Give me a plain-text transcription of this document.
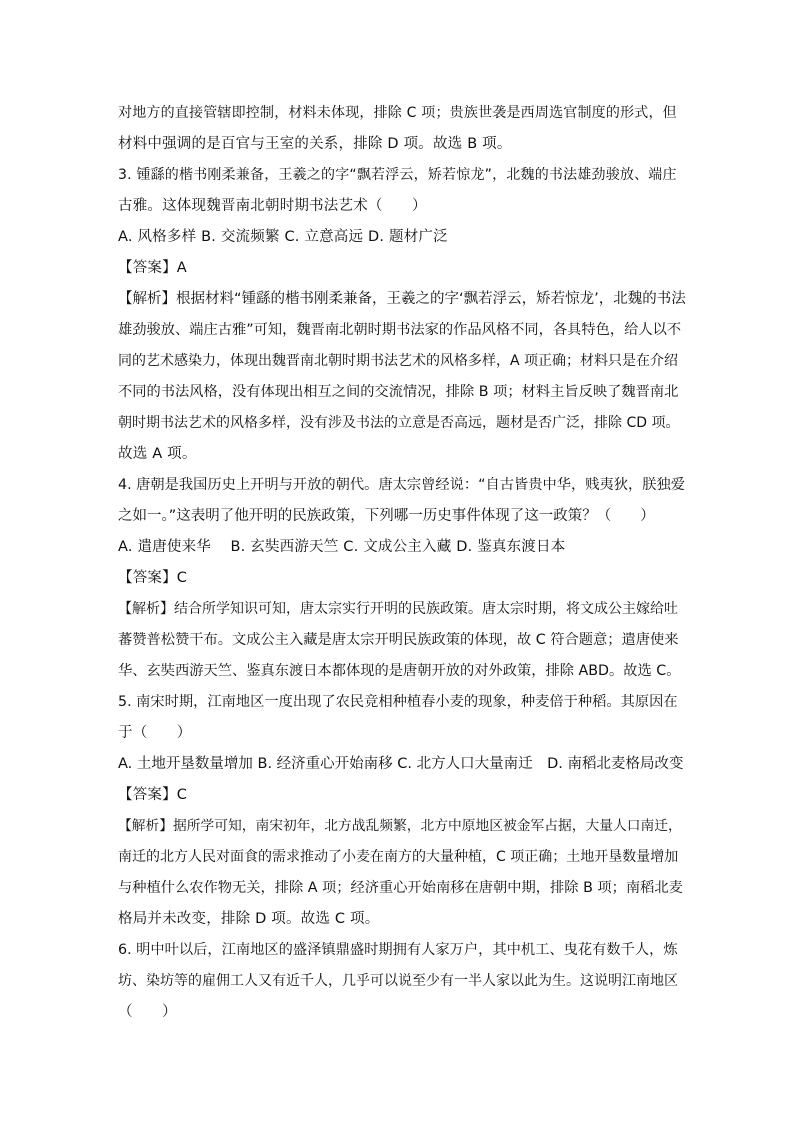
对地方的直接管辖即控制，材料未体现，排除 C 项；贵族世袭是西周选官制度的形式，但
材料中强调的是百官与王室的关系，排除 D 项。故选 B 项。
3. 锺繇的楷书刚柔兼备，王羲之的字“飘若浮云，矫若惊龙”，北魏的书法雄劲骏放、端庄
古雅。这体现魏晋南北朝时期书法艺术（　　）
A. 风格多样 B. 交流频繁 C. 立意高远 D. 题材广泛
【答案】A
【解析】根据材料“锺繇的楷书刚柔兼备，王羲之的字‘飘若浮云，矫若惊龙’，北魏的书法
雄劲骏放、端庄古雅”可知，魏晋南北朝时期书法家的作品风格不同，各具特色，给人以不
同的艺术感染力，体现出魏晋南北朝时期书法艺术的风格多样，A 项正确；材料只是在介绍
不同的书法风格，没有体现出相互之间的交流情况，排除 B 项；材料主旨反映了魏晋南北
朝时期书法艺术的风格多样，没有涉及书法的立意是否高远，题材是否广泛，排除 CD 项。
故选 A 项。
4. 唐朝是我国历史上开明与开放的朝代。唐太宗曾经说：“自古皆贵中华，贱夷狄，朕独爱
之如一。”这表明了他开明的民族政策，下列哪一历史事件体现了这一政策？（　　）
A. 遣唐使来华　 B. 玄奘西游天竺 C. 文成公主入藏 D. 鉴真东渡日本
【答案】C
【解析】结合所学知识可知，唐太宗实行开明的民族政策。唐太宗时期，将文成公主嫁给吐
蕃赞普松赞干布。文成公主入藏是唐太宗开明民族政策的体现，故 C 符合题意；遣唐使来
华、玄奘西游天竺、鉴真东渡日本都体现的是唐朝开放的对外政策，排除 ABD。故选 C。
5. 南宋时期，江南地区一度出现了农民竞相种植春小麦的现象，种麦倍于种稻。其原因在
于（　　）
A. 土地开垦数量增加 B. 经济重心开始南移 C. 北方人口大量南迁　D. 南稻北麦格局改变
【答案】C
【解析】据所学可知，南宋初年，北方战乱频繁，北方中原地区被金军占据，大量人口南迁，
南迁的北方人民对面食的需求推动了小麦在南方的大量种植，C 项正确；土地开垦数量增加
与种植什么农作物无关，排除 A 项；经济重心开始南移在唐朝中期，排除 B 项；南稻北麦
格局并未改变，排除 D 项。故选 C 项。
6. 明中叶以后，江南地区的盛泽镇鼎盛时期拥有人家万户，其中机工、曳花有数千人，炼
坊、染坊等的雇佣工人又有近千人，几乎可以说至少有一半人家以此为生。这说明江南地区
（　　）
